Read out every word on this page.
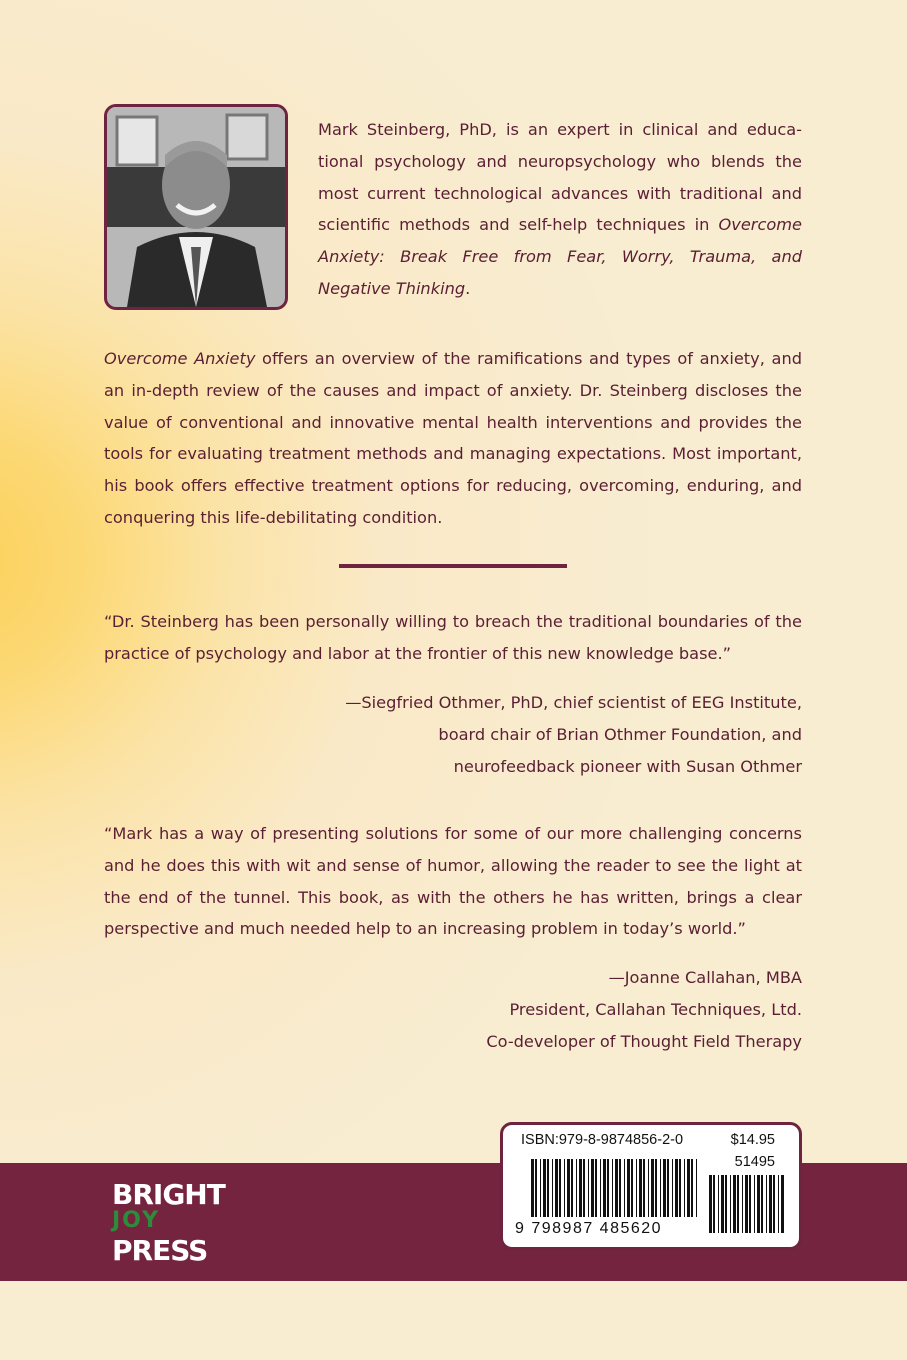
Mark Steinberg, PhD, is an expert in clinical and educational psychology and neuropsychology who blends the most current technological advances with traditional and scientific methods and self-help techniques in Overcome Anxiety: Break Free from Fear, Worry, Trauma, and Negative Thinking.
Overcome Anxiety offers an overview of the ramifications and types of anxiety, and an in-depth review of the causes and impact of anxiety. Dr. Steinberg discloses the value of conventional and innovative mental health interventions and provides the tools for evaluating treatment methods and managing expectations. Most important, his book offers effective treatment options for reducing, overcoming, enduring, and conquering this life-debilitating condition.
“Dr. Steinberg has been personally willing to breach the traditional boundaries of the practice of psychology and labor at the frontier of this new knowledge base.”
—Siegfried Othmer, PhD, chief scientist of EEG Institute,
board chair of Brian Othmer Foundation, and
neurofeedback pioneer with Susan Othmer
“Mark has a way of presenting solutions for some of our more challenging concerns and he does this with wit and sense of humor, allowing the reader to see the light at the end of the tunnel. This book, as with the others he has written, brings a clear perspective and much needed help to an increasing problem in today’s world.”
—Joanne Callahan, MBA
President, Callahan Techniques, Ltd.
Co-developer of Thought Field Therapy
BRIGHT
JOY
PRESS
ISBN:979-8-9874856-2-0	$14.95
51495
9 798987 485620
